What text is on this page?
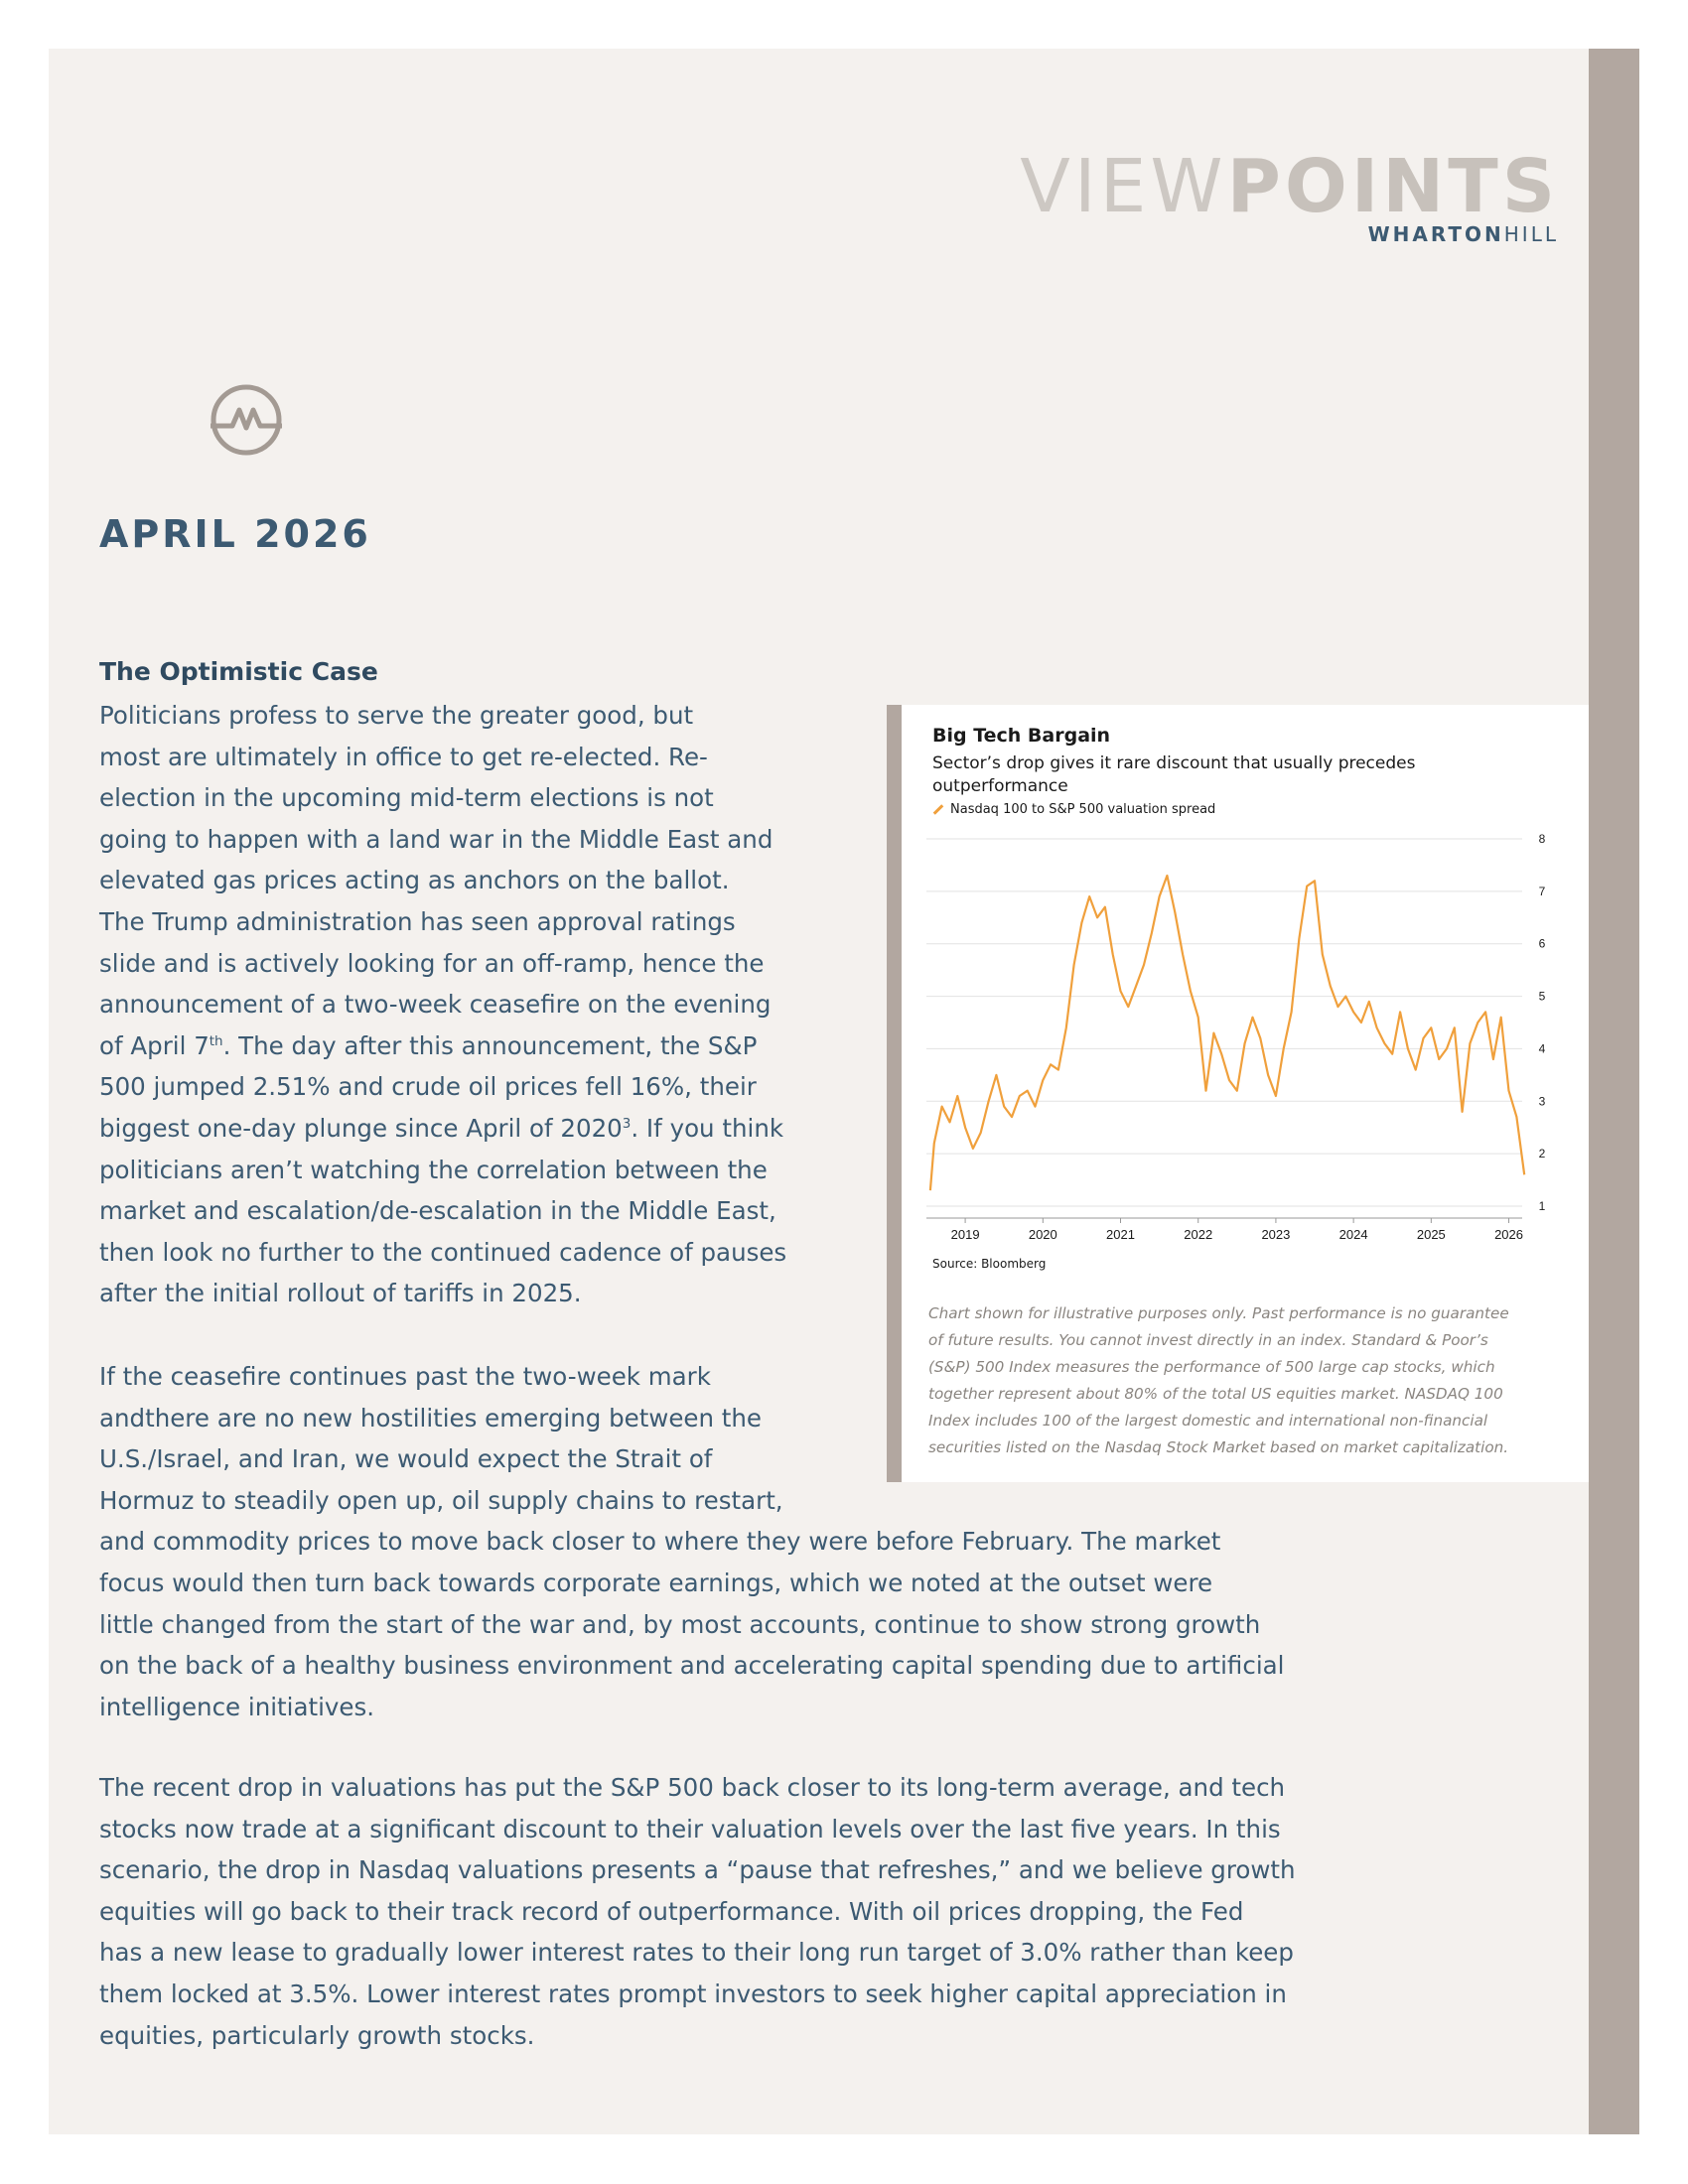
VIEWPOINTS
WHARTONHILL
APRIL 2026
The Optimistic Case

Politicians profess to serve the greater good, but
most are ultimately in office to get re-elected. Re-
election in the upcoming mid-term elections is not
going to happen with a land war in the Middle East and
elevated gas prices acting as anchors on the ballot.
The Trump administration has seen approval ratings
slide and is actively looking for an off-ramp, hence the
announcement of a two-week ceasefire on the evening
of April 7th. The day after this announcement, the S&P
500 jumped 2.51% and crude oil prices fell 16%, their
biggest one-day plunge since April of 2020$^3$. If you think
politicians aren’t watching the correlation between the
market and escalation/de-escalation in the Middle East,
then look no further to the continued cadence of pauses
after the initial rollout of tariffs in 2025.

If the ceasefire continues past the two-week mark
andthere are no new hostilities emerging between the
U.S./Israel, and Iran, we would expect the Strait of
Hormuz to steadily open up, oil supply chains to restart,
and commodity prices to move back closer to where they were before February. The market
focus would then turn back towards corporate earnings, which we noted at the outset were
little changed from the start of the war and, by most accounts, continue to show strong growth
on the back of a healthy business environment and accelerating capital spending due to artificial
intelligence initiatives.

The recent drop in valuations has put the S&P 500 back closer to its long-term average, and tech
stocks now trade at a significant discount to their valuation levels over the last five years. In this
scenario, the drop in Nasdaq valuations presents a “pause that refreshes,” and we believe growth
equities will go back to their track record of outperformance. With oil prices dropping, the Fed
has a new lease to gradually lower interest rates to their long run target of 3.0% rather than keep
them locked at 3.5%. Lower interest rates prompt investors to seek higher capital appreciation in
equities, particularly growth stocks.

Big Tech Bargain

Sector’s drop gives it rare discount that usually precedes outperformance

Nasdaq 100 to S&P 500 valuation spread
1
2
3
4
5
6
7
8
2019	2020	2021	2022	2023	2024	2025	2026
Source: Bloomberg

Chart shown for illustrative purposes only. Past performance is no guarantee
of future results. You cannot invest directly in an index. Standard & Poor’s
(S&P) 500 Index measures the performance of 500 large cap stocks, which
together represent about 80% of the total US equities market. NASDAQ 100
Index includes 100 of the largest domestic and international non-financial
securities listed on the Nasdaq Stock Market based on market capitalization.
